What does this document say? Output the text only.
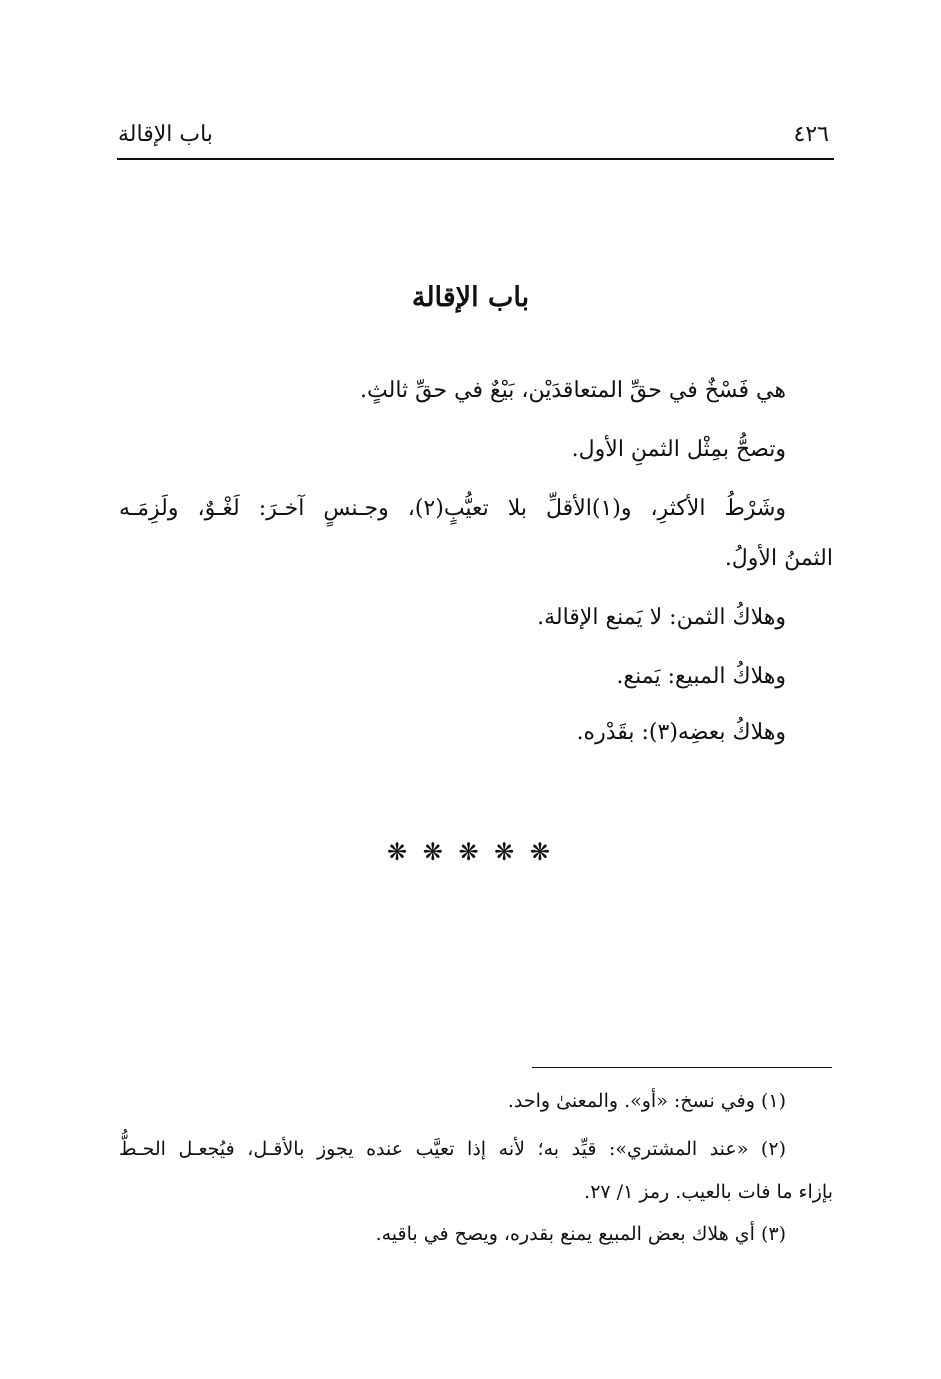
٤٢٦
باب الإقالة
باب الإقالة
هي فَسْخٌ في حقِّ المتعاقدَيْن، بَيْعٌ في حقِّ ثالثٍ.
وتصحُّ بمِثْل الثمنِ الأول.
وشَرْطُ الأكثرِ، و(١)الأقلِّ بلا تعيُّبٍ(٢)، وجـنسٍ آخـرَ: لَغْـوٌ، ولَزِمَـه
الثمنُ الأولُ.
وهلاكُ الثمن: لا يَمنع الإقالة.
وهلاكُ المبيع: يَمنع.
وهلاكُ بعضِه(٣): بقَدْره.
❋ ❋ ❋ ❋ ❋
(١) وفي نسخ: «أو». والمعنىٰ واحد.
(٢) «عند المشتري»: قيِّد به؛ لأنه إذا تعيَّب عنده يجوز بالأقـل، فيُجعـل الحـطُّ
بإزاء ما فات بالعيب. رمز ١/ ٢٧.
(٣) أي هلاك بعض المبيع يمنع بقدره، ويصح في باقيه.
